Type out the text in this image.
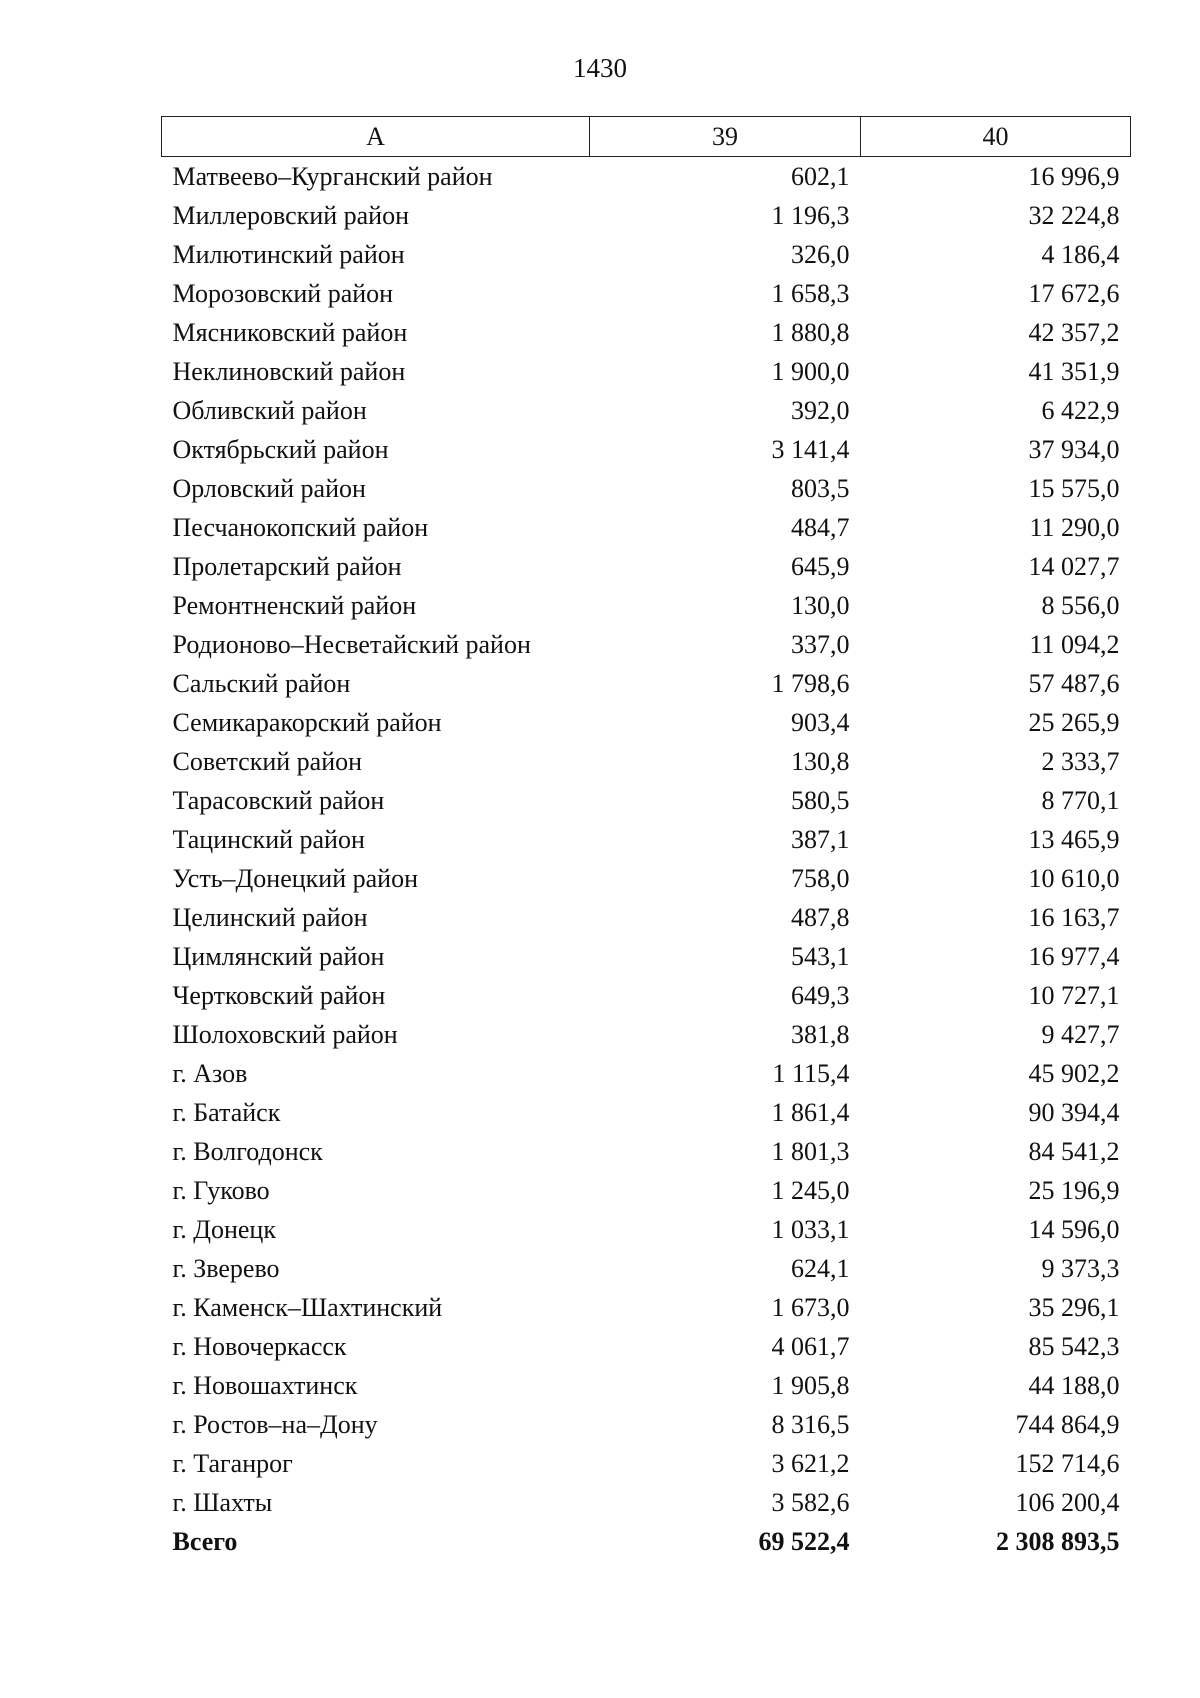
1430
А	39	40
Матвеево–Курганский район	602,1	16 996,9
Миллеровский район	1 196,3	32 224,8
Милютинский район	326,0	4 186,4
Морозовский район	1 658,3	17 672,6
Мясниковский район	1 880,8	42 357,2
Неклиновский район	1 900,0	41 351,9
Обливский район	392,0	6 422,9
Октябрьский район	3 141,4	37 934,0
Орловский район	803,5	15 575,0
Песчанокопский район	484,7	11 290,0
Пролетарский район	645,9	14 027,7
Ремонтненский район	130,0	8 556,0
Родионово–Несветайский район	337,0	11 094,2
Сальский район	1 798,6	57 487,6
Семикаракорский район	903,4	25 265,9
Советский район	130,8	2 333,7
Тарасовский район	580,5	8 770,1
Тацинский район	387,1	13 465,9
Усть–Донецкий район	758,0	10 610,0
Целинский район	487,8	16 163,7
Цимлянский район	543,1	16 977,4
Чертковский район	649,3	10 727,1
Шолоховский район	381,8	9 427,7
г. Азов	1 115,4	45 902,2
г. Батайск	1 861,4	90 394,4
г. Волгодонск	1 801,3	84 541,2
г. Гуково	1 245,0	25 196,9
г. Донецк	1 033,1	14 596,0
г. Зверево	624,1	9 373,3
г. Каменск–Шахтинский	1 673,0	35 296,1
г. Новочеркасск	4 061,7	85 542,3
г. Новошахтинск	1 905,8	44 188,0
г. Ростов–на–Дону	8 316,5	744 864,9
г. Таганрог	3 621,2	152 714,6
г. Шахты	3 582,6	106 200,4
Всего	69 522,4	2 308 893,5
